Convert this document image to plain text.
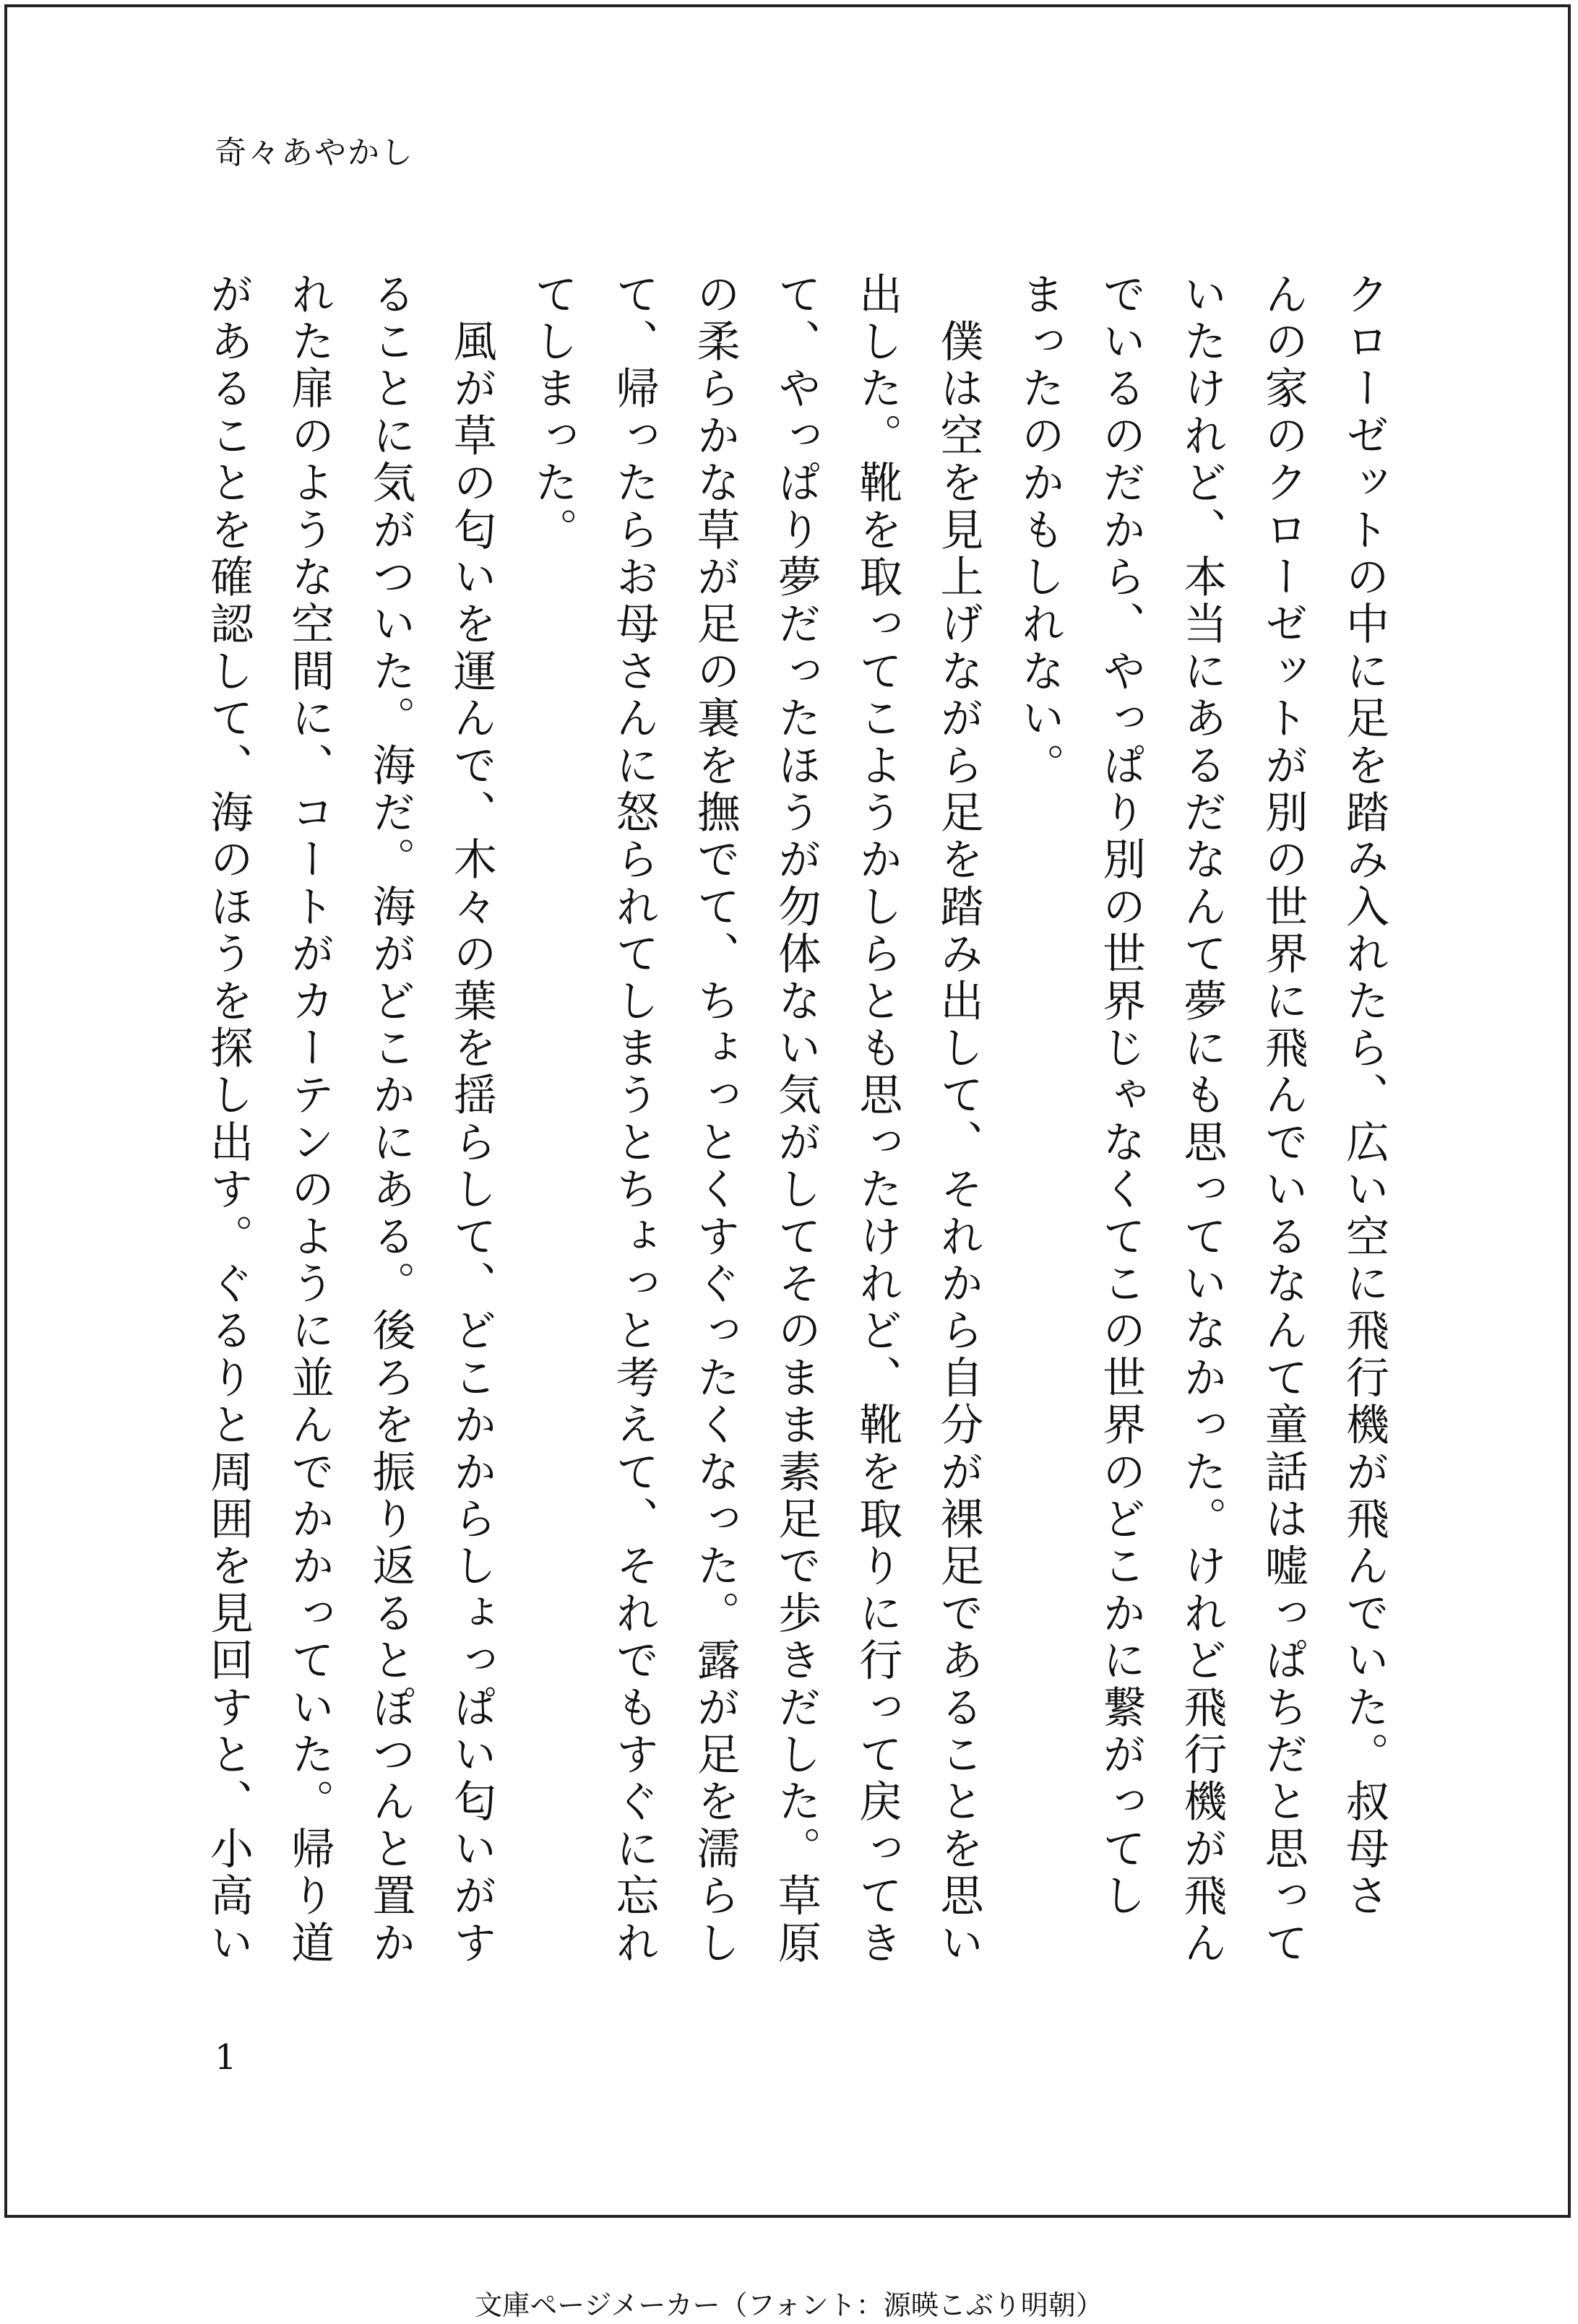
奇々あやかし
クローゼットの中に足を踏み入れたら、広い空に飛行機が飛んでいた。叔母さ
んの家のクローゼットが別の世界に飛んでいるなんて童話は嘘っぱちだと思って
いたけれど、本当にあるだなんて夢にも思っていなかった。けれど飛行機が飛ん
でいるのだから、やっぱり別の世界じゃなくてこの世界のどこかに繋がってし
まったのかもしれない。
　僕は空を見上げながら足を踏み出して、それから自分が裸足であることを思い
出した。靴を取ってこようかしらとも思ったけれど、靴を取りに行って戻ってき
て、やっぱり夢だったほうが勿体ない気がしてそのまま素足で歩きだした。草原
の柔らかな草が足の裏を撫でて、ちょっとくすぐったくなった。露が足を濡らし
て、帰ったらお母さんに怒られてしまうとちょっと考えて、それでもすぐに忘れ
てしまった。
　風が草の匂いを運んで、木々の葉を揺らして、どこかからしょっぱい匂いがす
ることに気がついた。海だ。海がどこかにある。後ろを振り返るとぽつんと置か
れた扉のような空間に、コートがカーテンのように並んでかかっていた。帰り道
があることを確認して、海のほうを探し出す。ぐるりと周囲を見回すと、小高い
1
文庫ページメーカー（フォント：源暎こぶり明朝）
